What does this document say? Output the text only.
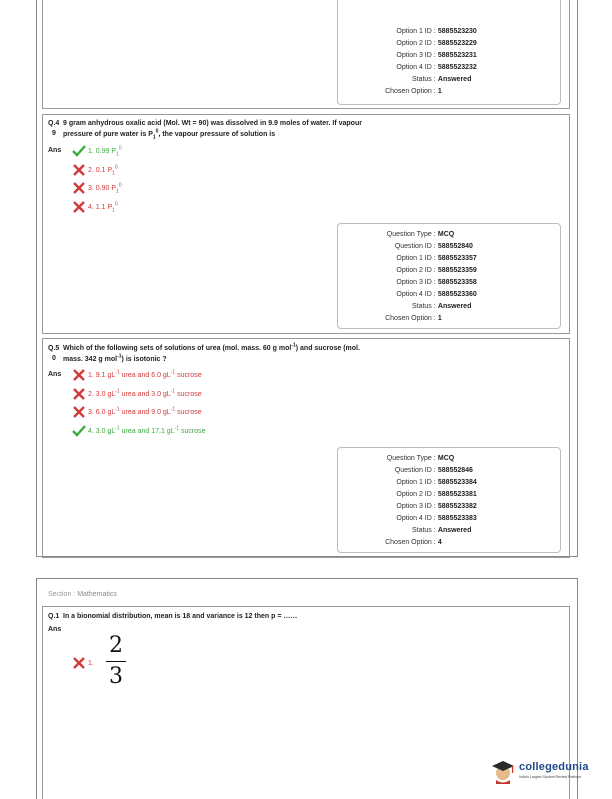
Option 1 ID : 5885523230
Option 2 ID : 5885523229
Option 3 ID : 5885523231
Option 4 ID : 5885523232
Status : Answered
Chosen Option : 1
Q.4
9
9 gram anhydrous oxalic acid (Mol. Wt = 90) was dissolved in 9.9 moles of water. If vapour
pressure of pure water is $P_1^0$, the vapour pressure of solution is
Ans	1. 0.99 $P_1^0$
2. 0.1 $P_1^0$
3. 0.90 $P_1^0$
4. 1.1 $P_1^0$
Question Type : MCQ
Question ID : 588552840
Option 1 ID : 5885523357
Option 2 ID : 5885523359
Option 3 ID : 5885523358
Option 4 ID : 5885523360
Status : Answered
Chosen Option : 1
Q.5
0
Which of the following sets of solutions of urea (mol. mass. 60 g mol$^{-1}$) and sucrose (mol.
mass. 342 g mol$^{-1}$) is isotonic ?
Ans	1. 9.1 $gL^{-1}$ urea and 6.0 $gL^{-1}$ sucrose
2. 3.0 $gL^{-1}$ urea and 3.0 $gL^{-1}$ sucrose
3. 6.0 $gL^{-1}$ urea and 9.0 $gL^{-1}$ sucrose
4. 3.0 $gL^{-1}$ urea and 17.1 $gL^{-1}$ sucrose
Question Type : MCQ
Question ID : 588552846
Option 1 ID : 5885523384
Option 2 ID : 5885523381
Option 3 ID : 5885523382
Option 4 ID : 5885523383
Status : Answered
Chosen Option : 4
Section : Mathematics
Q.1 In a bionomial distribution, mean is 18 and variance is 12 then p = ……
Ans
1.
2
3
collegedunia
India's Largest Student Review Platform
